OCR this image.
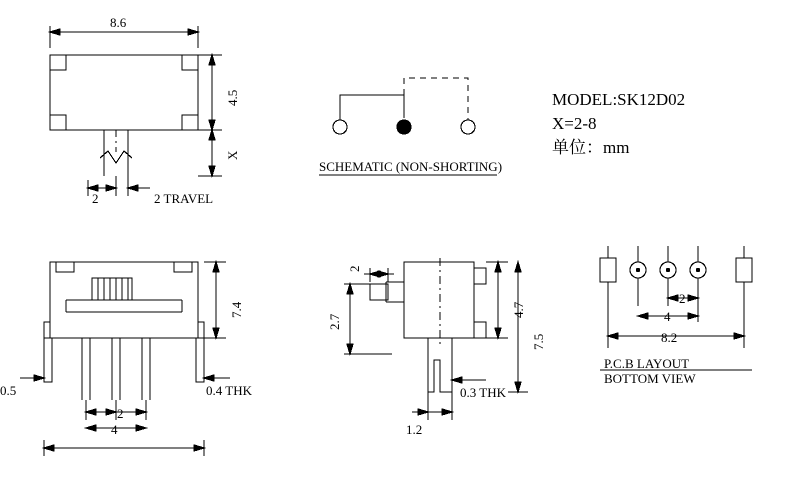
8.6
4.5
X
2	2 TRAVEL
SCHEMATIC (NON-SHORTING)
MODEL:SK12D02
X=2-8
单位：mm
7.4
0.5	0.4 THK
2
4
2
2.7
4.7
7.5
0.3 THK
1.2
2
4
8.2
P.C.B LAYOUT
BOTTOM VIEW
